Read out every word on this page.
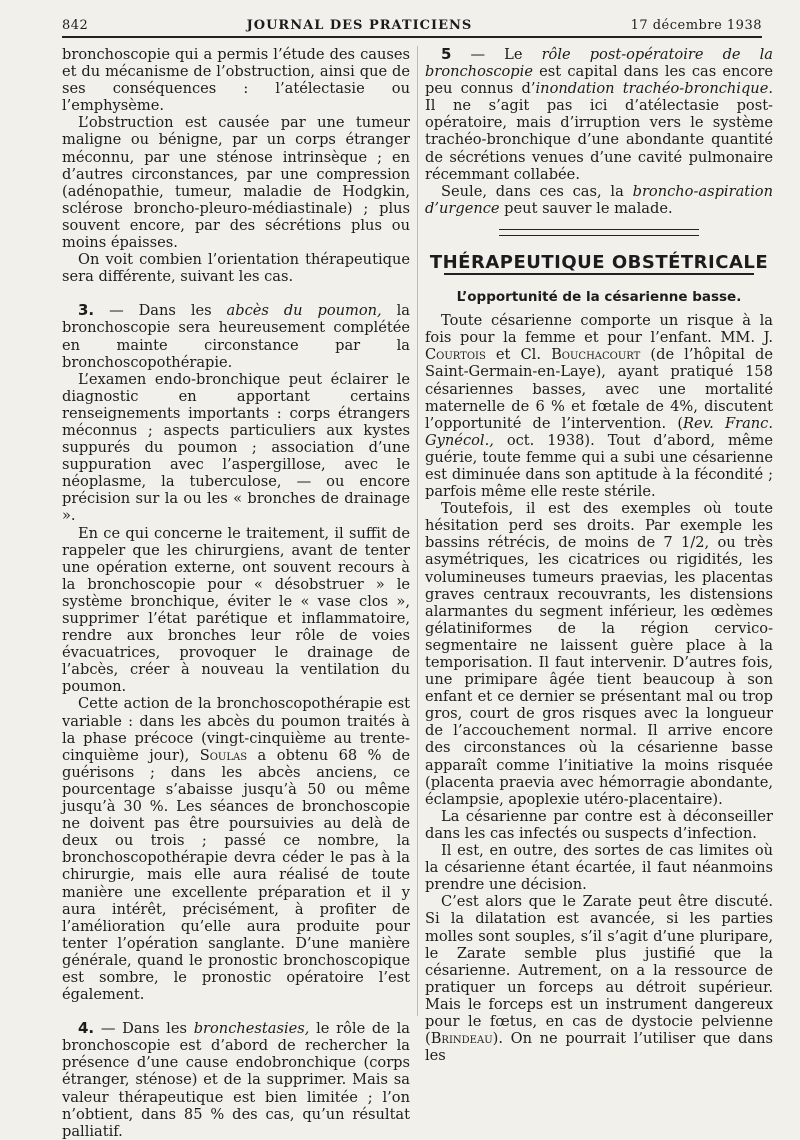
842	JOURNAL DES PRATICIENS	17 décembre 1938

bronchoscopie qui a permis l’étude des causes et du mécanisme de l’obstruction, ainsi que de ses conséquences : l’atélectasie ou l’emphysème.

L’obstruction est causée par une tumeur maligne ou bénigne, par un corps étranger méconnu, par une sténose intrinsèque ; en d’autres circonstances, par une compression (adénopathie, tumeur, maladie de Hodgkin, sclérose broncho-pleuro-médiastinale) ; plus souvent encore, par des sécrétions plus ou moins épaisses.

On voit combien l’orientation thérapeutique sera différente, suivant les cas.

3. — Dans les abcès du poumon, la bronchoscopie sera heureusement complétée en mainte circonstance par la bronchoscopothérapie.

L’examen endo-bronchique peut éclairer le diagnostic en apportant certains renseignements importants : corps étrangers méconnus ; aspects particuliers aux kystes suppurés du poumon ; association d’une suppuration avec l’aspergillose, avec le néoplasme, la tuberculose, — ou encore précision sur la ou les « bronches de drainage ».

En ce qui concerne le traitement, il suffit de rappeler que les chirurgiens, avant de tenter une opération externe, ont souvent recours à la bronchoscopie pour « désobstruer » le système bronchique, éviter le « vase clos », supprimer l’état parétique et inflammatoire, rendre aux bronches leur rôle de voies évacuatrices, provoquer le drainage de l’abcès, créer à nouveau la ventilation du poumon.

Cette action de la bronchoscopothérapie est variable : dans les abcès du poumon traités à la phase précoce (vingt-cinquième au trente-cinquième jour), Soulas a obtenu 68 % de guérisons ; dans les abcès anciens, ce pourcentage s’abaisse jusqu’à 50 ou même jusqu’à 30 %. Les séances de bronchoscopie ne doivent pas être poursuivies au delà de deux ou trois ; passé ce nombre, la bronchoscopothérapie devra céder le pas à la chirurgie, mais elle aura réalisé de toute manière une excellente préparation et il y aura intérêt, précisément, à profiter de l’amélioration qu’elle aura produite pour tenter l’opération sanglante. D’une manière générale, quand le pronostic bronchoscopique est sombre, le pronostic opératoire l’est également.

4. — Dans les bronchestasies, le rôle de la bronchoscopie est d’abord de rechercher la présence d’une cause endobronchique (corps étranger, sténose) et de la supprimer. Mais sa valeur thérapeutique est bien limitée ; l’on n’obtient, dans 85 % des cas, qu’un résultat palliatif.

5 — Le rôle post-opératoire de la bronchoscopie est capital dans les cas encore peu connus d’inondation trachéo-bronchique. Il ne s’agit pas ici d’atélectasie post-opératoire, mais d’irruption vers le système trachéo-bronchique d’une abondante quantité de sécrétions venues d’une cavité pulmonaire récemmant collabée.

Seule, dans ces cas, la broncho-aspiration d’urgence peut sauver le malade.

THÉRAPEUTIQUE OBSTÉTRICALE
L’opportunité de la césarienne basse.

Toute césarienne comporte un risque à la fois pour la femme et pour l’enfant. MM. J. Courtois et Cl. Bouchacourt (de l’hôpital de Saint-Germain-en-Laye), ayant pratiqué 158 césariennes basses, avec une mortalité maternelle de 6 % et fœtale de 4%, discutent l’opportunité de l’intervention. (Rev. Franc. Gynécol., oct. 1938). Tout d’abord, même guérie, toute femme qui a subi une césarienne est diminuée dans son aptitude à la fécondité ; parfois même elle reste stérile.

Toutefois, il est des exemples où toute hésitation perd ses droits. Par exemple les bassins rétrécis, de moins de 7 1/2, ou très asymétriques, les cicatrices ou rigidités, les volumineuses tumeurs praevias, les placentas graves centraux recouvrants, les distensions alarmantes du segment inférieur, les œdèmes gélatiniformes de la région cervico-segmentaire ne laissent guère place à la temporisation. Il faut intervenir. D’autres fois, une primipare âgée tient beaucoup à son enfant et ce dernier se présentant mal ou trop gros, court de gros risques avec la longueur de l’accouchement normal. Il arrive encore des circonstances où la césarienne basse apparaît comme l’initiative la moins risquée (placenta praevia avec hémorragie abondante, éclampsie, apoplexie utéro-placentaire).

La césarienne par contre est à déconseiller dans les cas infectés ou suspects d’infection.

Il est, en outre, des sortes de cas limites où la césarienne étant écartée, il faut néanmoins prendre une décision.

C’est alors que le Zarate peut être discuté. Si la dilatation est avancée, si les parties molles sont souples, s’il s’agit d’une pluripare, le Zarate semble plus justifié que la césarienne. Autrement, on a la ressource de pratiquer un forceps au détroit supérieur. Mais le forceps est un instrument dangereux pour le fœtus, en cas de dystocie pelvienne (Brindeau). On ne pourrait l’utiliser que dans les
